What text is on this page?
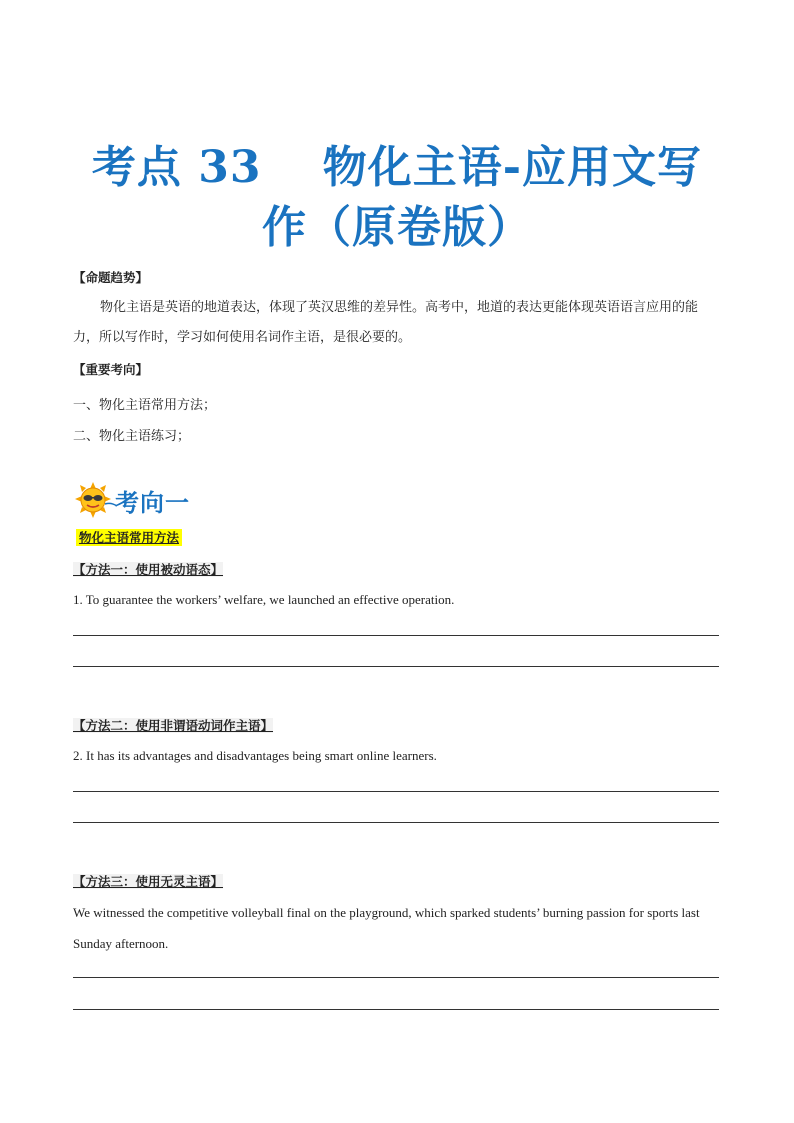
考点 33　 物化主语-应用文写
作（原卷版）
【命题趋势】
物化主语是英语的地道表达，体现了英汉思维的差异性。高考中，地道的表达更能体现英语语言应用的能力，所以写作时，学习如何使用名词作主语，是很必要的。
【重要考向】
一、物化主语常用方法；
二、物化主语练习；
考向一
物化主语常用方法
【方法一：使用被动语态】
1. To guarantee the workers’ welfare, we launched an effective operation.
【方法二：使用非谓语动词作主语】
2. It has its advantages and disadvantages being smart online learners.
【方法三：使用无灵主语】
We witnessed the competitive volleyball final on the playground, which sparked students’ burning passion for sports last Sunday afternoon.
